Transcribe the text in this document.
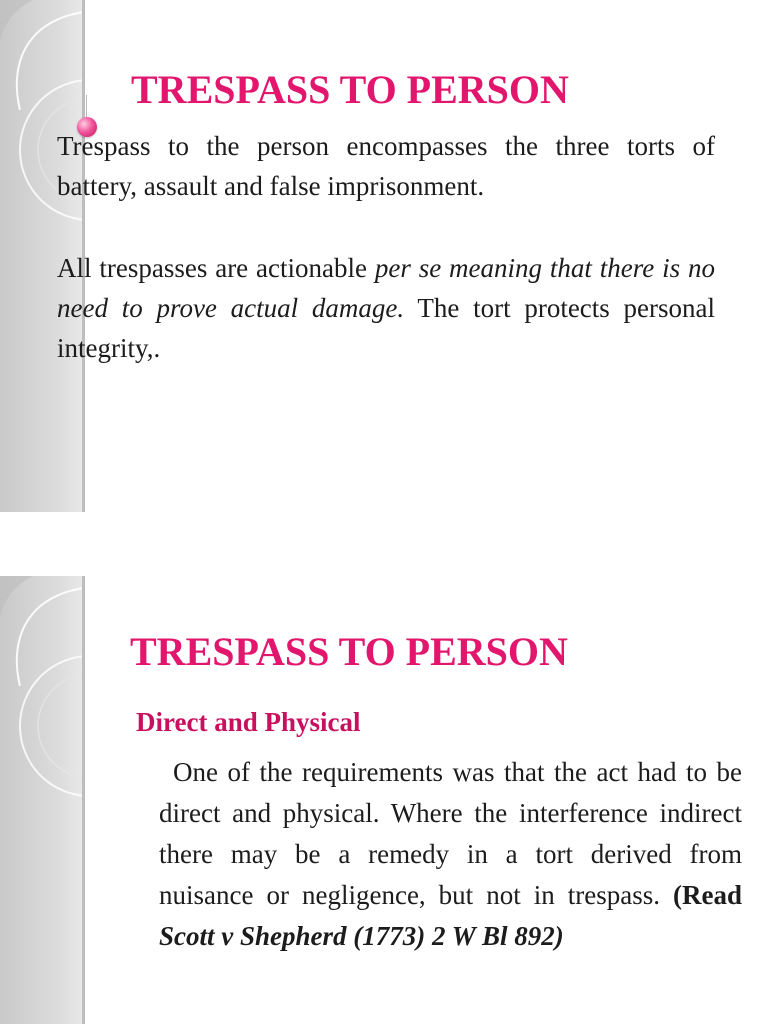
TRESPASS TO PERSON
Trespass to the person encompasses the three torts of battery, assault and false imprisonment.
All trespasses are actionable per se meaning that there is no need to prove actual damage. The tort protects personal integrity,.
TRESPASS TO PERSON
Direct and Physical
One of the requirements was that the act had to be direct and physical. Where the interference indirect there may be a remedy in a tort derived from nuisance or negligence, but not in trespass. (Read Scott v Shepherd (1773) 2 W Bl 892)
